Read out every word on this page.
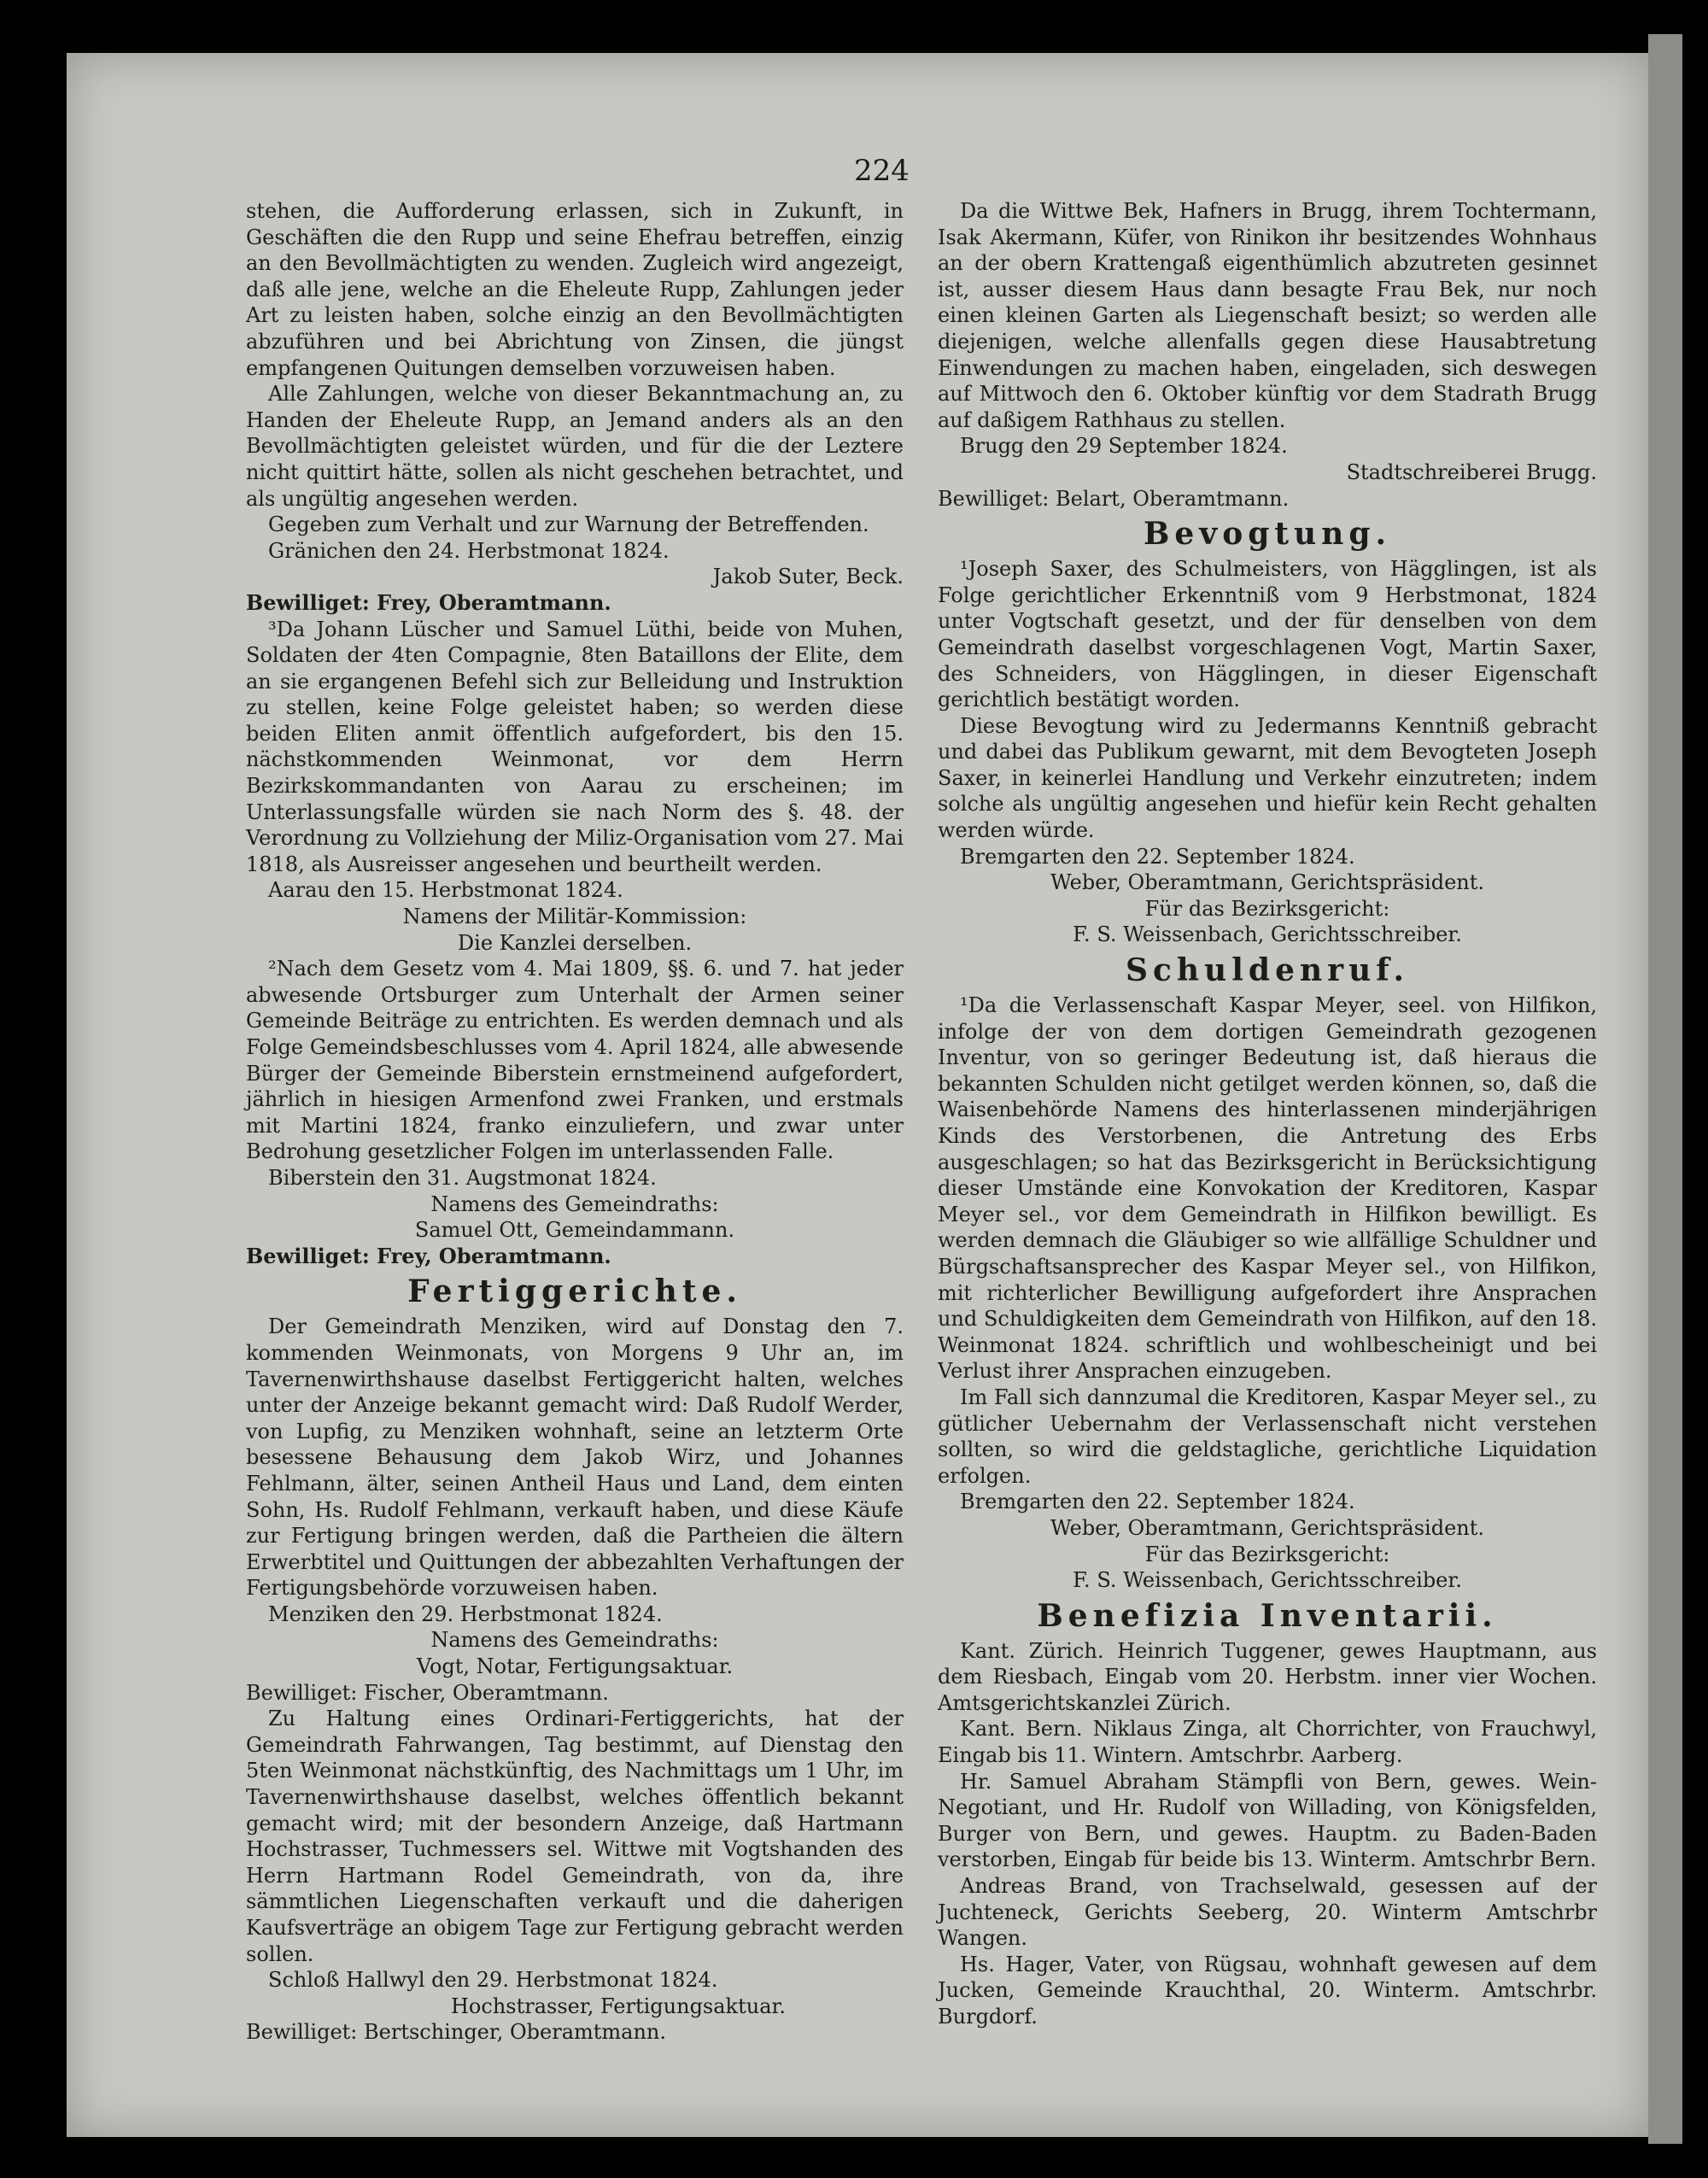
224

stehen, die Aufforderung erlassen, sich in Zukunft, in Geschäften die den Rupp und seine Ehefrau betreffen, einzig an den Bevollmächtigten zu wenden. Zugleich wird angezeigt, daß alle jene, welche an die Eheleute Rupp, Zahlungen jeder Art zu leisten haben, solche einzig an den Bevollmächtigten abzuführen und bei Abrichtung von Zinsen, die jüngst empfangenen Quitungen demselben vorzuweisen haben.

Alle Zahlungen, welche von dieser Bekanntmachung an, zu Handen der Eheleute Rupp, an Jemand anders als an den Bevollmächtigten geleistet würden, und für die der Leztere nicht quittirt hätte, sollen als nicht geschehen betrachtet, und als ungültig angesehen werden.

Gegeben zum Verhalt und zur Warnung der Betreffenden.

Gränichen den 24. Herbstmonat 1824.

Jakob Suter, Beck.

Bewilliget: Frey, Oberamtmann.

³Da Johann Lüscher und Samuel Lüthi, beide von Muhen, Soldaten der 4ten Compagnie, 8ten Bataillons der Elite, dem an sie ergangenen Befehl sich zur Belleidung und Instruktion zu stellen, keine Folge geleistet haben; so werden diese beiden Eliten anmit öffentlich aufgefordert, bis den 15. nächstkommenden Weinmonat, vor dem Herrn Bezirkskommandanten von Aarau zu erscheinen; im Unterlassungsfalle würden sie nach Norm des §. 48. der Verordnung zu Vollziehung der Miliz-Organisation vom 27. Mai 1818, als Ausreisser angesehen und beurtheilt werden.

Aarau den 15. Herbstmonat 1824.

Namens der Militär-Kommission:

Die Kanzlei derselben.

²Nach dem Gesetz vom 4. Mai 1809, §§. 6. und 7. hat jeder abwesende Ortsburger zum Unterhalt der Armen seiner Gemeinde Beiträge zu entrichten. Es werden demnach und als Folge Gemeindsbeschlusses vom 4. April 1824, alle abwesende Bürger der Gemeinde Biberstein ernstmeinend aufgefordert, jährlich in hiesigen Armenfond zwei Franken, und erstmals mit Martini 1824, franko einzuliefern, und zwar unter Bedrohung gesetzlicher Folgen im unterlassenden Falle.

Biberstein den 31. Augstmonat 1824.

Namens des Gemeindraths:

Samuel Ott, Gemeindammann.

Bewilliget: Frey, Oberamtmann.

Fertiggerichte.

Der Gemeindrath Menziken, wird auf Donstag den 7. kommenden Weinmonats, von Morgens 9 Uhr an, im Tavernenwirthshause daselbst Fertiggericht halten, welches unter der Anzeige bekannt gemacht wird: Daß Rudolf Werder, von Lupfig, zu Menziken wohnhaft, seine an letzterm Orte besessene Behausung dem Jakob Wirz, und Johannes Fehlmann, älter, seinen Antheil Haus und Land, dem einten Sohn, Hs. Rudolf Fehlmann, verkauft haben, und diese Käufe zur Fertigung bringen werden, daß die Partheien die ältern Erwerbtitel und Quittungen der abbezahlten Verhaftungen der Fertigungsbehörde vorzuweisen haben.

Menziken den 29. Herbstmonat 1824.

Namens des Gemeindraths:

Vogt, Notar, Fertigungsaktuar.

Bewilliget: Fischer, Oberamtmann.

Zu Haltung eines Ordinari-Fertiggerichts, hat der Gemeindrath Fahrwangen, Tag bestimmt, auf Dienstag den 5ten Weinmonat nächstkünftig, des Nachmittags um 1 Uhr, im Tavernenwirthshause daselbst, welches öffentlich bekannt gemacht wird; mit der besondern Anzeige, daß Hartmann Hochstrasser, Tuchmessers sel. Wittwe mit Vogtshanden des Herrn Hartmann Rodel Gemeindrath, von da, ihre sämmtlichen Liegenschaften verkauft und die daherigen Kaufsverträge an obigem Tage zur Fertigung gebracht werden sollen.

Schloß Hallwyl den 29. Herbstmonat 1824.

Hochstrasser, Fertigungsaktuar.

Bewilliget: Bertschinger, Oberamtmann.

Da die Wittwe Bek, Hafners in Brugg, ihrem Tochtermann, Isak Akermann, Küfer, von Rinikon ihr besitzendes Wohnhaus an der obern Krattengaß eigenthümlich abzutreten gesinnet ist, ausser diesem Haus dann besagte Frau Bek, nur noch einen kleinen Garten als Liegenschaft besizt; so werden alle diejenigen, welche allenfalls gegen diese Hausabtretung Einwendungen zu machen haben, eingeladen, sich deswegen auf Mittwoch den 6. Oktober künftig vor dem Stadrath Brugg auf daßigem Rathhaus zu stellen.

Brugg den 29 September 1824.

Stadtschreiberei Brugg.

Bewilliget: Belart, Oberamtmann.

Bevogtung.

¹Joseph Saxer, des Schulmeisters, von Hägglingen, ist als Folge gerichtlicher Erkenntniß vom 9 Herbstmonat, 1824 unter Vogtschaft gesetzt, und der für denselben von dem Gemeindrath daselbst vorgeschlagenen Vogt, Martin Saxer, des Schneiders, von Hägglingen, in dieser Eigenschaft gerichtlich bestätigt worden.

Diese Bevogtung wird zu Jedermanns Kenntniß gebracht und dabei das Publikum gewarnt, mit dem Bevogteten Joseph Saxer, in keinerlei Handlung und Verkehr einzutreten; indem solche als ungültig angesehen und hiefür kein Recht gehalten werden würde.

Bremgarten den 22. September 1824.

Weber, Oberamtmann, Gerichtspräsident.

Für das Bezirksgericht:

F. S. Weissenbach, Gerichtsschreiber.

Schuldenruf.

¹Da die Verlassenschaft Kaspar Meyer, seel. von Hilfikon, infolge der von dem dortigen Gemeindrath gezogenen Inventur, von so geringer Bedeutung ist, daß hieraus die bekannten Schulden nicht getilget werden können, so, daß die Waisenbehörde Namens des hinterlassenen minderjährigen Kinds des Verstorbenen, die Antretung des Erbs ausgeschlagen; so hat das Bezirksgericht in Berücksichtigung dieser Umstände eine Konvokation der Kreditoren, Kaspar Meyer sel., vor dem Gemeindrath in Hilfikon bewilligt. Es werden demnach die Gläubiger so wie allfällige Schuldner und Bürgschaftsansprecher des Kaspar Meyer sel., von Hilfikon, mit richterlicher Bewilligung aufgefordert ihre Ansprachen und Schuldigkeiten dem Gemeindrath von Hilfikon, auf den 18. Weinmonat 1824. schriftlich und wohlbescheinigt und bei Verlust ihrer Ansprachen einzugeben.

Im Fall sich dannzumal die Kreditoren, Kaspar Meyer sel., zu gütlicher Uebernahm der Verlassenschaft nicht verstehen sollten, so wird die geldstagliche, gerichtliche Liquidation erfolgen.

Bremgarten den 22. September 1824.

Weber, Oberamtmann, Gerichtspräsident.

Für das Bezirksgericht:

F. S. Weissenbach, Gerichtsschreiber.

Benefizia Inventarii.

Kant. Zürich. Heinrich Tuggener, gewes Hauptmann, aus dem Riesbach, Eingab vom 20. Herbstm. inner vier Wochen. Amtsgerichtskanzlei Zürich.

Kant. Bern. Niklaus Zinga, alt Chorrichter, von Frauchwyl, Eingab bis 11. Wintern. Amtschrbr. Aarberg.

Hr. Samuel Abraham Stämpfli von Bern, gewes. Wein-Negotiant, und Hr. Rudolf von Willading, von Königsfelden, Burger von Bern, und gewes. Hauptm. zu Baden-Baden verstorben, Eingab für beide bis 13. Winterm. Amtschrbr Bern.

Andreas Brand, von Trachselwald, gesessen auf der Juchteneck, Gerichts Seeberg, 20. Winterm Amtschrbr Wangen.

Hs. Hager, Vater, von Rügsau, wohnhaft gewesen auf dem Jucken, Gemeinde Krauchthal, 20. Winterm. Amtschrbr. Burgdorf.
